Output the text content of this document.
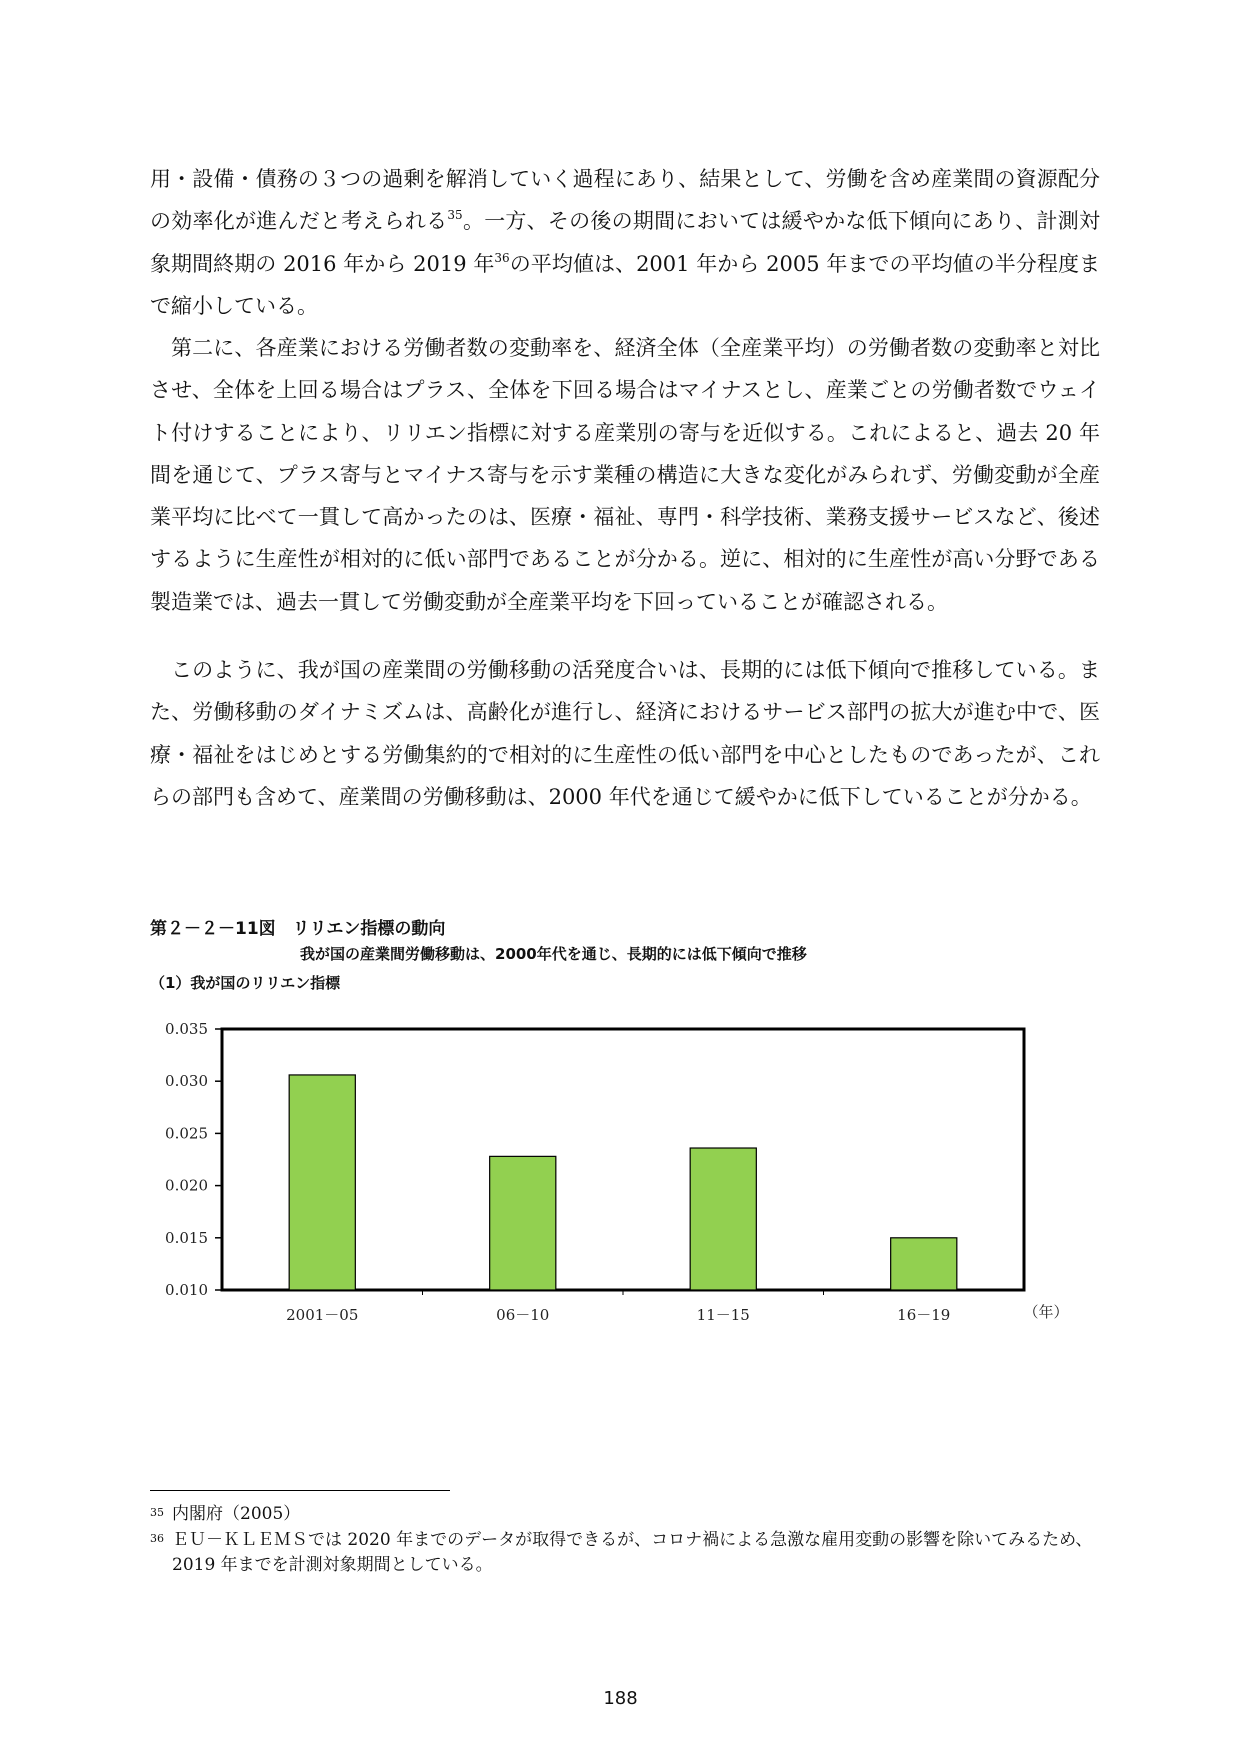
用・設備・債務の３つの過剰を解消していく過程にあり、結果として、労働を含め産業間の資源配分の効率化が進んだと考えられる$^{35}$。一方、その後の期間においては緩やかな低下傾向にあり、計測対象期間終期の 2016 年から 2019 年$^{36}$の平均値は、2001 年から 2005 年までの平均値の半分程度まで縮小している。

第二に、各産業における労働者数の変動率を、経済全体（全産業平均）の労働者数の変動率と対比させ、全体を上回る場合はプラス、全体を下回る場合はマイナスとし、産業ごとの労働者数でウェイト付けすることにより、リリエン指標に対する産業別の寄与を近似する。これによると、過去 20 年間を通じて、プラス寄与とマイナス寄与を示す業種の構造に大きな変化がみられず、労働変動が全産業平均に比べて一貫して高かったのは、医療・福祉、専門・科学技術、業務支援サービスなど、後述するように生産性が相対的に低い部門であることが分かる。逆に、相対的に生産性が高い分野である製造業では、過去一貫して労働変動が全産業平均を下回っていることが確認される。

このように、我が国の産業間の労働移動の活発度合いは、長期的には低下傾向で推移している。また、労働移動のダイナミズムは、高齢化が進行し、経済におけるサービス部門の拡大が進む中で、医療・福祉をはじめとする労働集約的で相対的に生産性の低い部門を中心としたものであったが、これらの部門も含めて、産業間の労働移動は、2000 年代を通じて緩やかに低下していることが分かる。

第２－２－11図　リリエン指標の動向
我が国の産業間労働移動は、2000年代を通じ、長期的には低下傾向で推移
（1）我が国のリリエン指標
0.035
0.030
0.025
0.020
0.015
0.010
2001－05	06－10	11－15	16－19	（年）
35 内閣府（2005）
36 ＥＵ－ＫＬＥＭＳでは 2020 年までのデータが取得できるが、コロナ禍による急激な雇用変動の影響を除いてみるため、2019 年までを計測対象期間としている。
188
